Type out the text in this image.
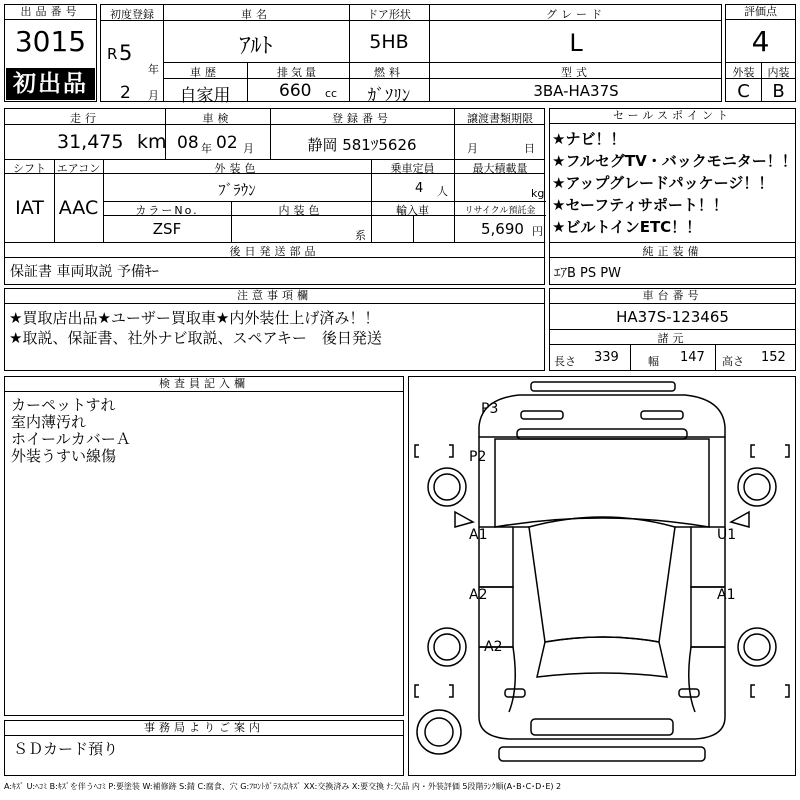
出品番号
3015
初出品
初度登録
R 5
年
2 月
車名
ｱﾙﾄ
ドア形状
5HB
グレード
L
車歴
自家用
排気量
660 cc
燃料
ｶﾞｿﾘﾝ
型式
3BA-HA37S
評価点
4
外装	内装
C	B
走行
31,475 km
車検
08 年 02 月
登録番号
静岡 581ﾂ5626
譲渡書類期限
月	日
シフト
IAT
エアコン
AAC
外装色
ﾌﾞﾗｳﾝ
乗車定員
4 人
最大積載量
kg
カラーNo.
ZSF
内装色
系
輸入車	リサイクル預託金
5,690 円
後日発送部品
保証書 車両取説 予備ｷｰ
セールスポイント
★ナビ！！
★フルセグTV・バックモニター！！
★アップグレードパッケージ！！
★セーフティサポート！！
★ビルトインETC！！
純正装備
ｴｱB PS PW
注意事項欄
★買取店出品★ユーザー買取車★内外装仕上げ済み！！
★取説、保証書、社外ナビ取説、スペアキー　後日発送
車台番号
HA37S-123465
諸元
長さ 339	幅 147 高さ 152
検査員記入欄
カーペットすれ
室内薄汚れ
ホイールカバーＡ
外装うすい線傷
事務局よりご案内
ＳＤカード預り
P3
P2
A1	U1
A2	A1
A2
A:ｷｽﾞ U:ﾍｺﾐ B:ｷｽﾞを伴うﾍｺﾐ P:要塗装 W:補修跡 S:錆 C:腐食、穴 G:ﾌﾛﾝﾄｶﾞﾗｽ点ｷｽﾞ XX:交換済み X:要交換 ﾅ:欠品 内・外装評価 5段階ﾗﾝｸ順(A･B･C･D･E) 2
